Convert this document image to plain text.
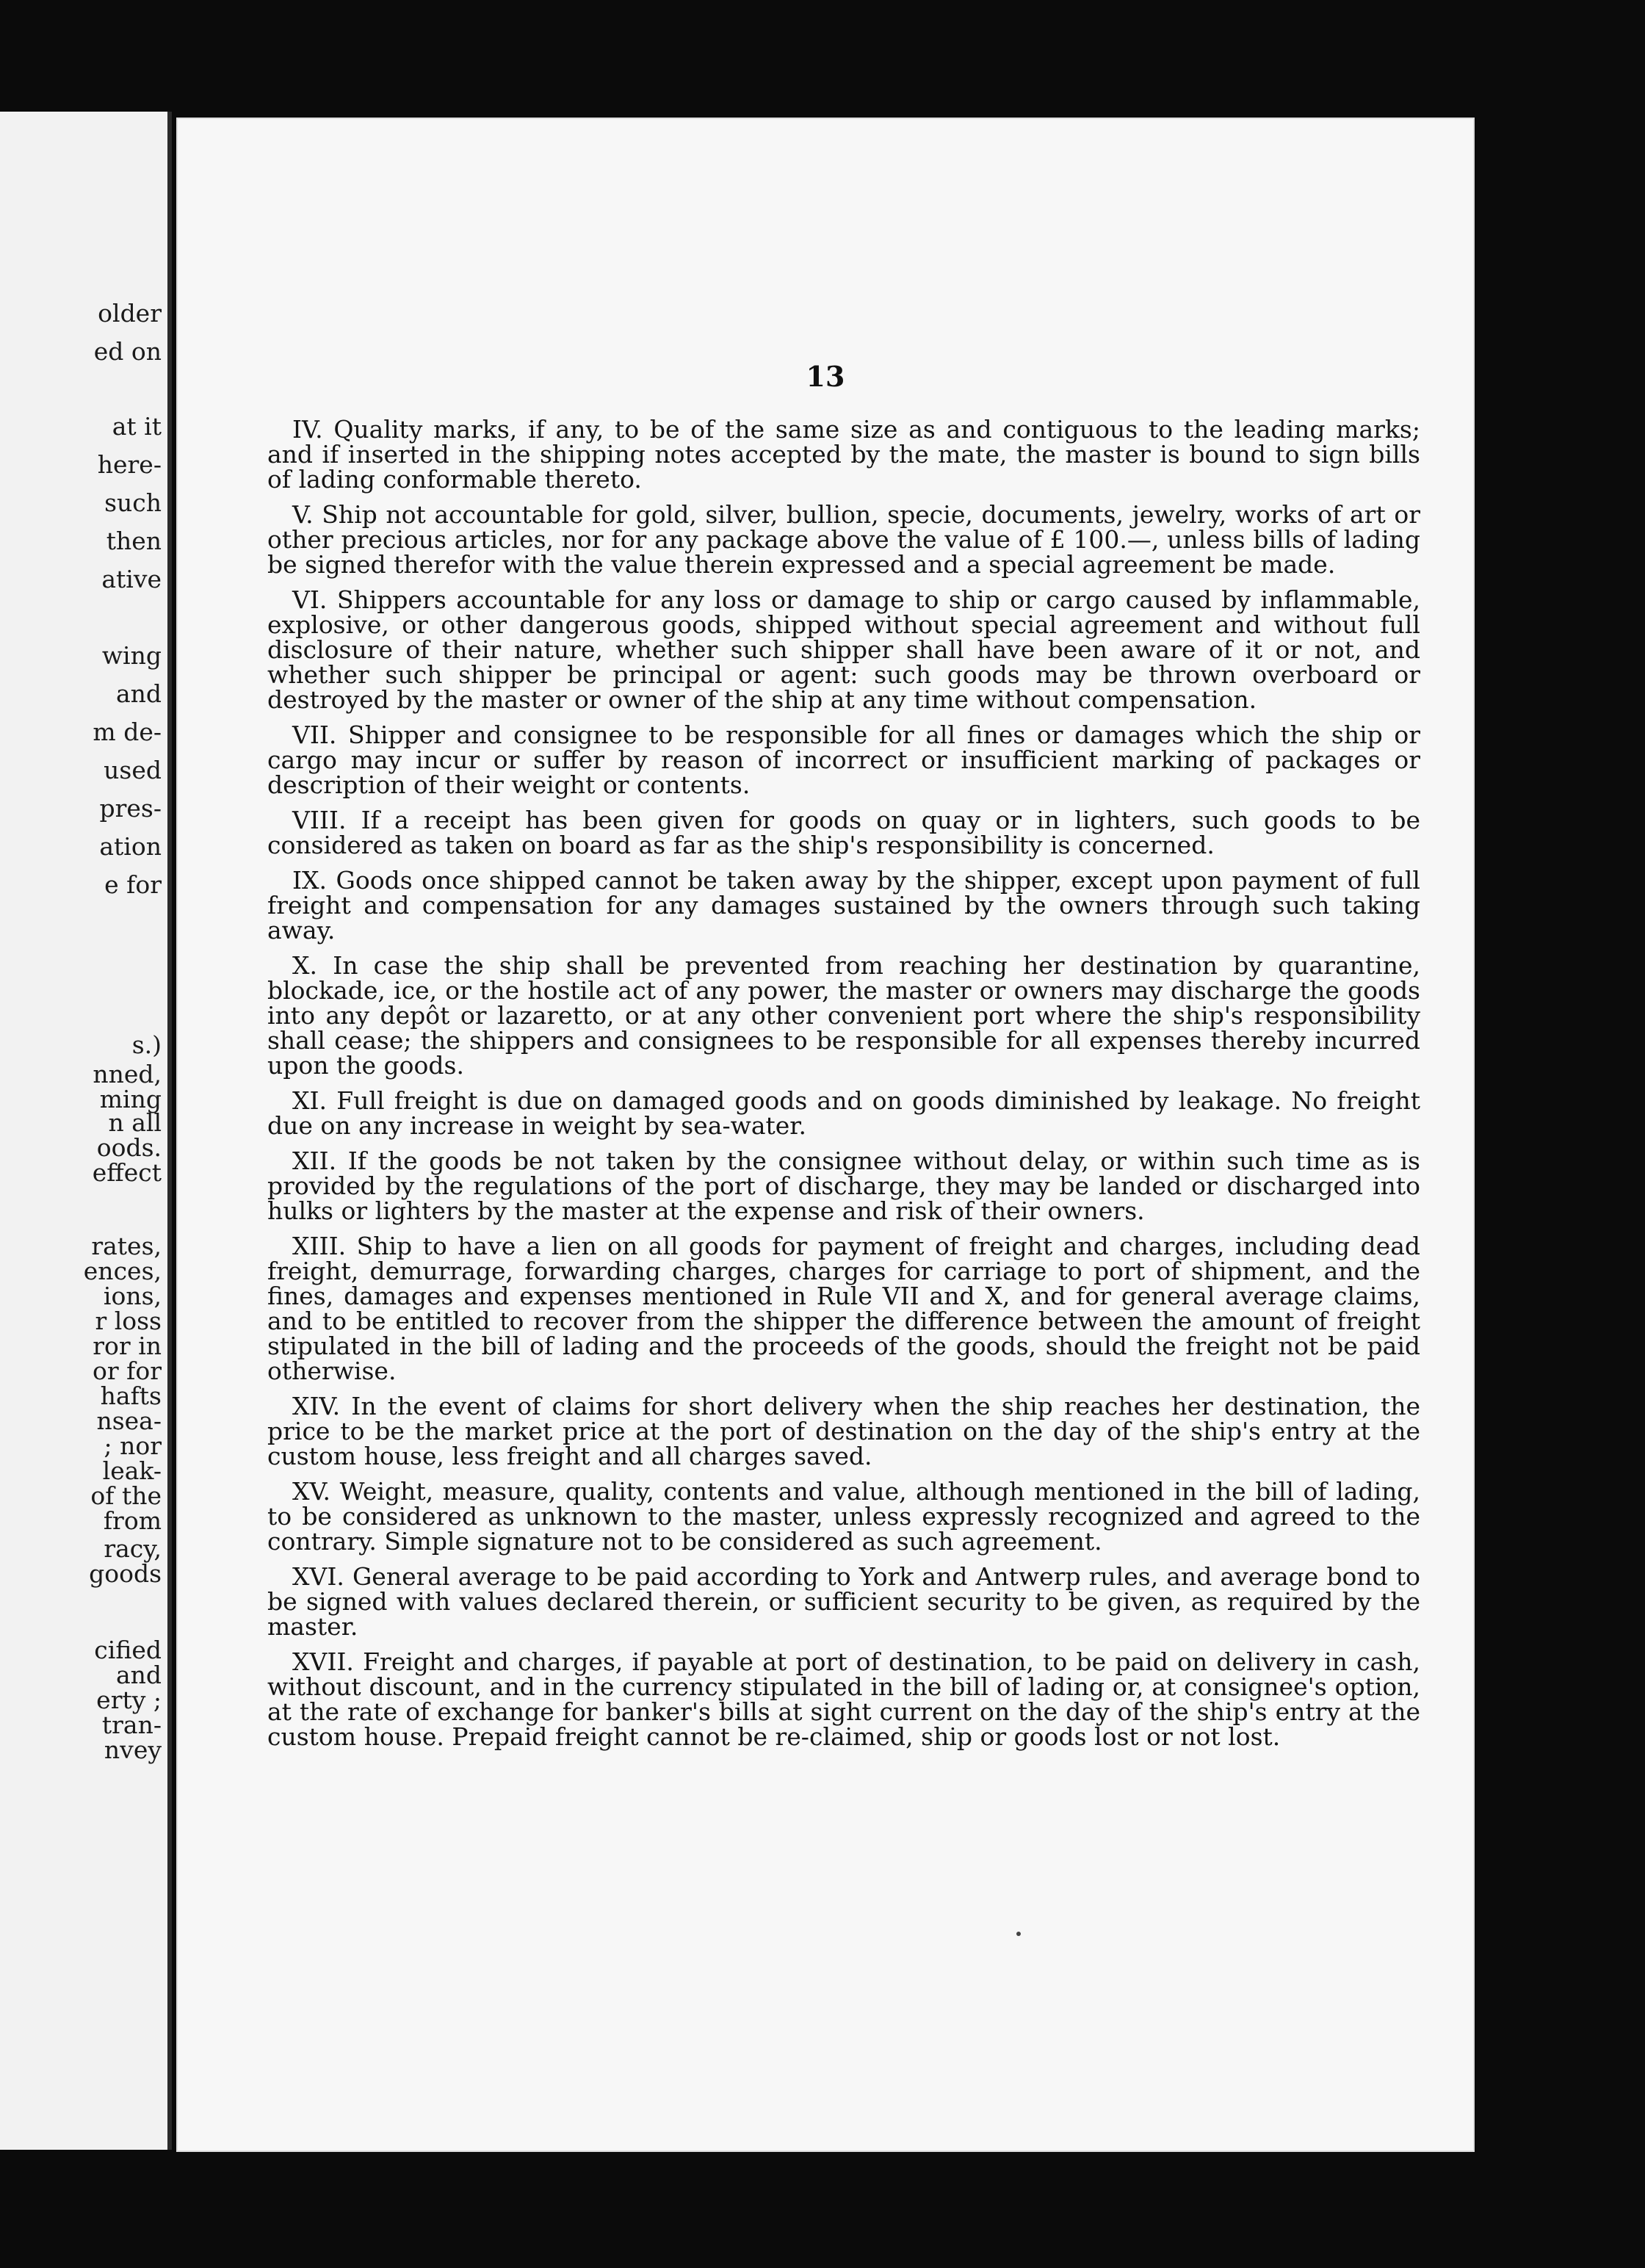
older
ed on
at it
here-
such
then
ative
wing
and
m de-
used
pres-
ation
e for
s.)
nned,
ming
n all
oods.
effect
rates,
ences,
ions,
r loss
ror in
or for
hafts
nsea-
; nor
leak-
of the
from
racy,
goods
cified
and
erty ;
tran-
nvey
13

IV. Quality marks, if any, to be of the same size as and contiguous to the leading marks; and if inserted in the shipping notes accepted by the mate, the master is bound to sign bills of lading conformable thereto.

V. Ship not accountable for gold, silver, bullion, specie, documents, jewelry, works of art or other precious articles, nor for any package above the value of £ 100.—, unless bills of lading be signed therefor with the value therein expressed and a special agreement be made.

VI. Shippers accountable for any loss or damage to ship or cargo caused by inflammable, explosive, or other dangerous goods, shipped without special agreement and without full disclosure of their nature, whether such shipper shall have been aware of it or not, and whether such shipper be principal or agent: such goods may be thrown overboard or destroyed by the master or owner of the ship at any time without compensation.

VII. Shipper and consignee to be responsible for all fines or damages which the ship or cargo may incur or suffer by reason of incorrect or insufficient marking of packages or description of their weight or contents.

VIII. If a receipt has been given for goods on quay or in lighters, such goods to be considered as taken on board as far as the ship's responsibility is concerned.

IX. Goods once shipped cannot be taken away by the shipper, except upon payment of full freight and compensation for any damages sustained by the owners through such taking away.

X. In case the ship shall be prevented from reaching her destination by quarantine, blockade, ice, or the hostile act of any power, the master or owners may discharge the goods into any depôt or lazaretto, or at any other convenient port where the ship's responsibility shall cease; the shippers and consignees to be responsible for all expenses thereby incurred upon the goods.

XI. Full freight is due on damaged goods and on goods diminished by leakage. No freight due on any increase in weight by sea-water.

XII. If the goods be not taken by the consignee without delay, or within such time as is provided by the regulations of the port of discharge, they may be landed or discharged into hulks or lighters by the master at the expense and risk of their owners.

XIII. Ship to have a lien on all goods for payment of freight and charges, including dead freight, demurrage, forwarding charges, charges for carriage to port of shipment, and the fines, damages and expenses mentioned in Rule VII and X, and for general average claims, and to be entitled to recover from the shipper the difference between the amount of freight stipulated in the bill of lading and the proceeds of the goods, should the freight not be paid otherwise.

XIV. In the event of claims for short delivery when the ship reaches her destination, the price to be the market price at the port of destination on the day of the ship's entry at the custom house, less freight and all charges saved.

XV. Weight, measure, quality, contents and value, although mentioned in the bill of lading, to be considered as unknown to the master, unless expressly recognized and agreed to the contrary. Simple signature not to be considered as such agreement.

XVI. General average to be paid according to York and Antwerp rules, and average bond to be signed with values declared therein, or sufficient security to be given, as required by the master.

XVII. Freight and charges, if payable at port of destination, to be paid on delivery in cash, without discount, and in the currency stipulated in the bill of lading or, at consignee's option, at the rate of exchange for banker's bills at sight current on the day of the ship's entry at the custom house. Prepaid freight cannot be re-claimed, ship or goods lost or not lost.
